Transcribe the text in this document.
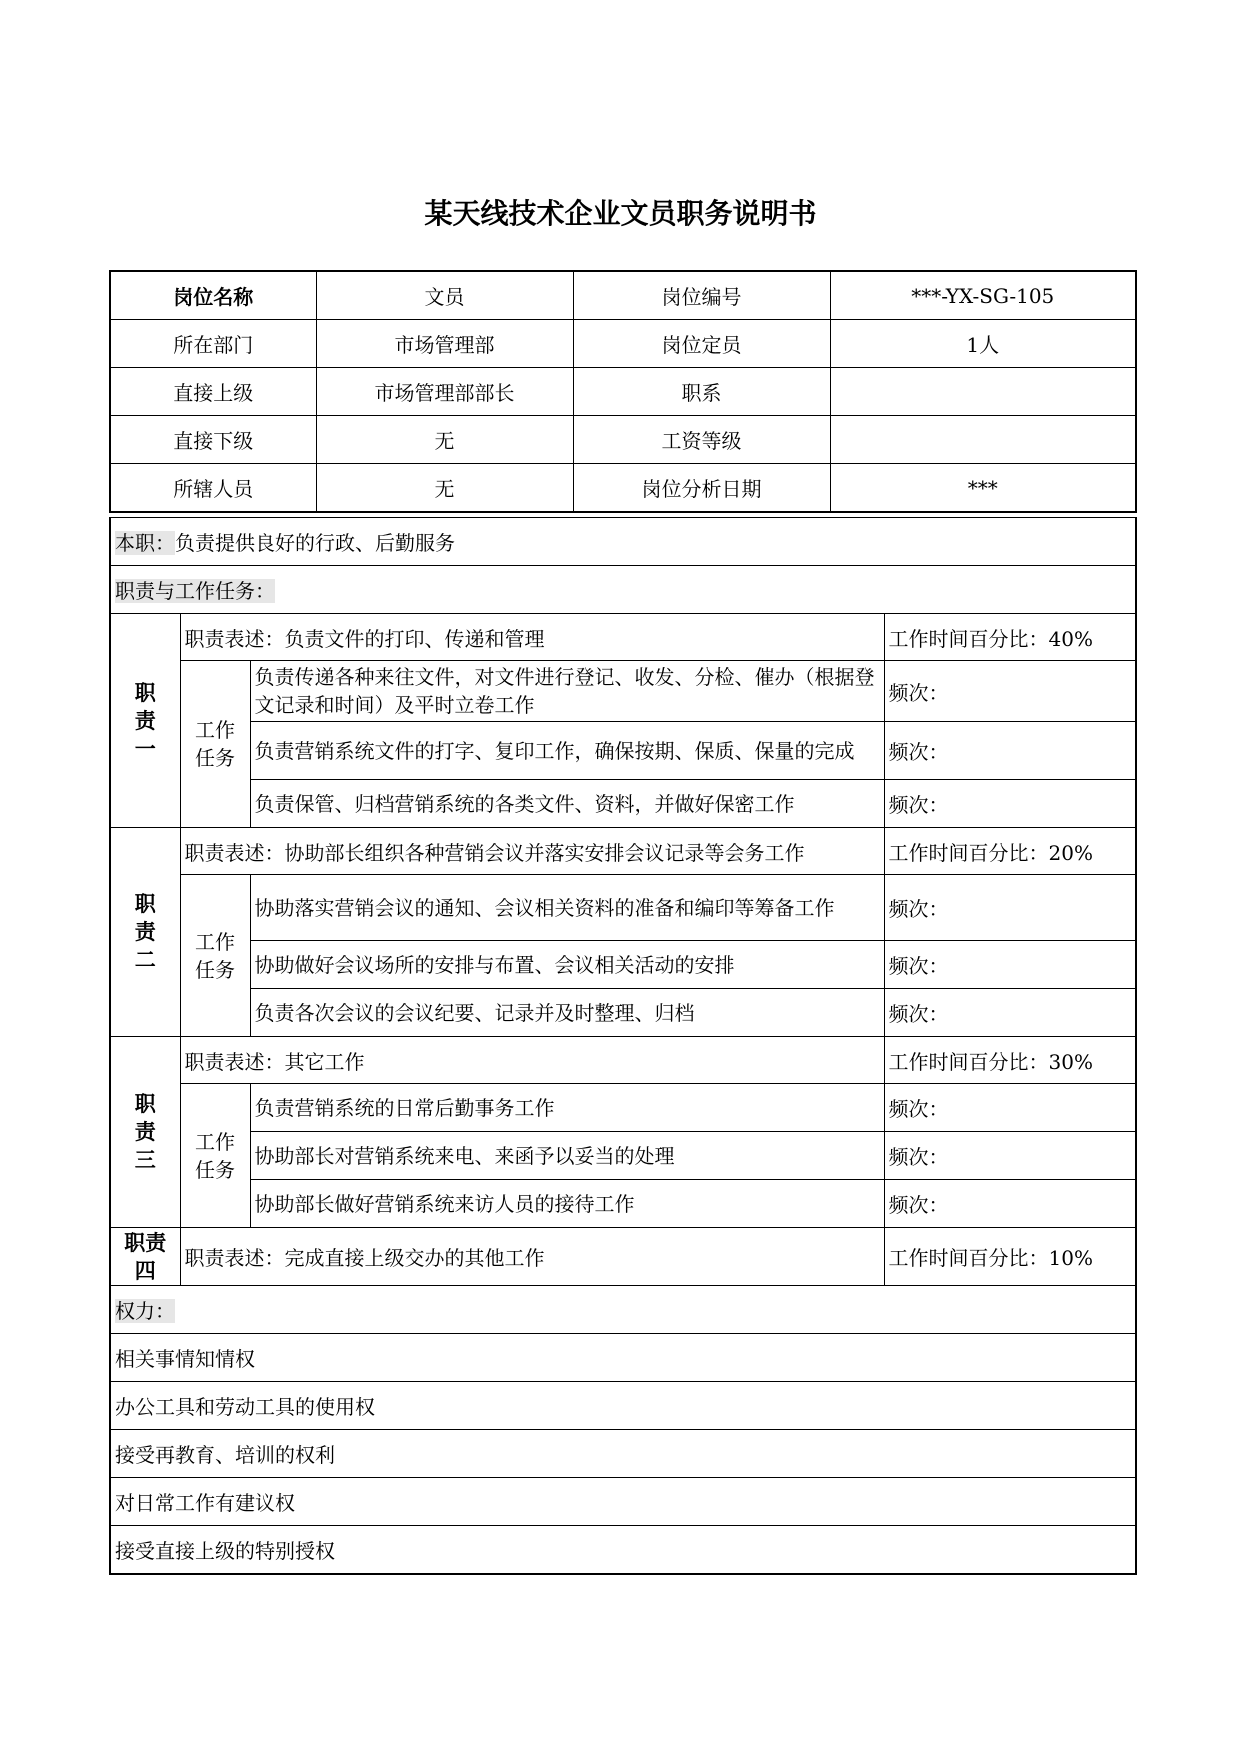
某天线技术企业文员职务说明书
岗位名称	文员	岗位编号	***-YX-SG-105
所在部门	市场管理部	岗位定员	1人
直接上级	市场管理部部长	职系	
直接下级	无	工资等级	
所辖人员	无	岗位分析日期	***
本职：负责提供良好的行政、后勤服务			
职责与工作任务：			
职责一	职责表述：负责文件的打印、传递和管理		工作时间百分比：40%
	工作任务	负责传递各种来往文件，对文件进行登记、收发、分检、催办（根据登文记录和时间）及平时立卷工作	频次：
		负责营销系统文件的打字、复印工作，确保按期、保质、保量的完成	频次：
		负责保管、归档营销系统的各类文件、资料，并做好保密工作	频次：
职责二	职责表述：协助部长组织各种营销会议并落实安排会议记录等会务工作		工作时间百分比：20%
	工作任务	协助落实营销会议的通知、会议相关资料的准备和编印等筹备工作	频次：
		协助做好会议场所的安排与布置、会议相关活动的安排	频次：
		负责各次会议的会议纪要、记录并及时整理、归档	频次：
职责三	职责表述：其它工作		工作时间百分比：30%
	工作任务	负责营销系统的日常后勤事务工作	频次：
		协助部长对营销系统来电、来函予以妥当的处理	频次：
		协助部长做好营销系统来访人员的接待工作	频次：
职责四	职责表述：完成直接上级交办的其他工作		工作时间百分比：10%
权力：			
相关事情知情权			
办公工具和劳动工具的使用权			
接受再教育、培训的权利			
对日常工作有建议权			
接受直接上级的特别授权			
